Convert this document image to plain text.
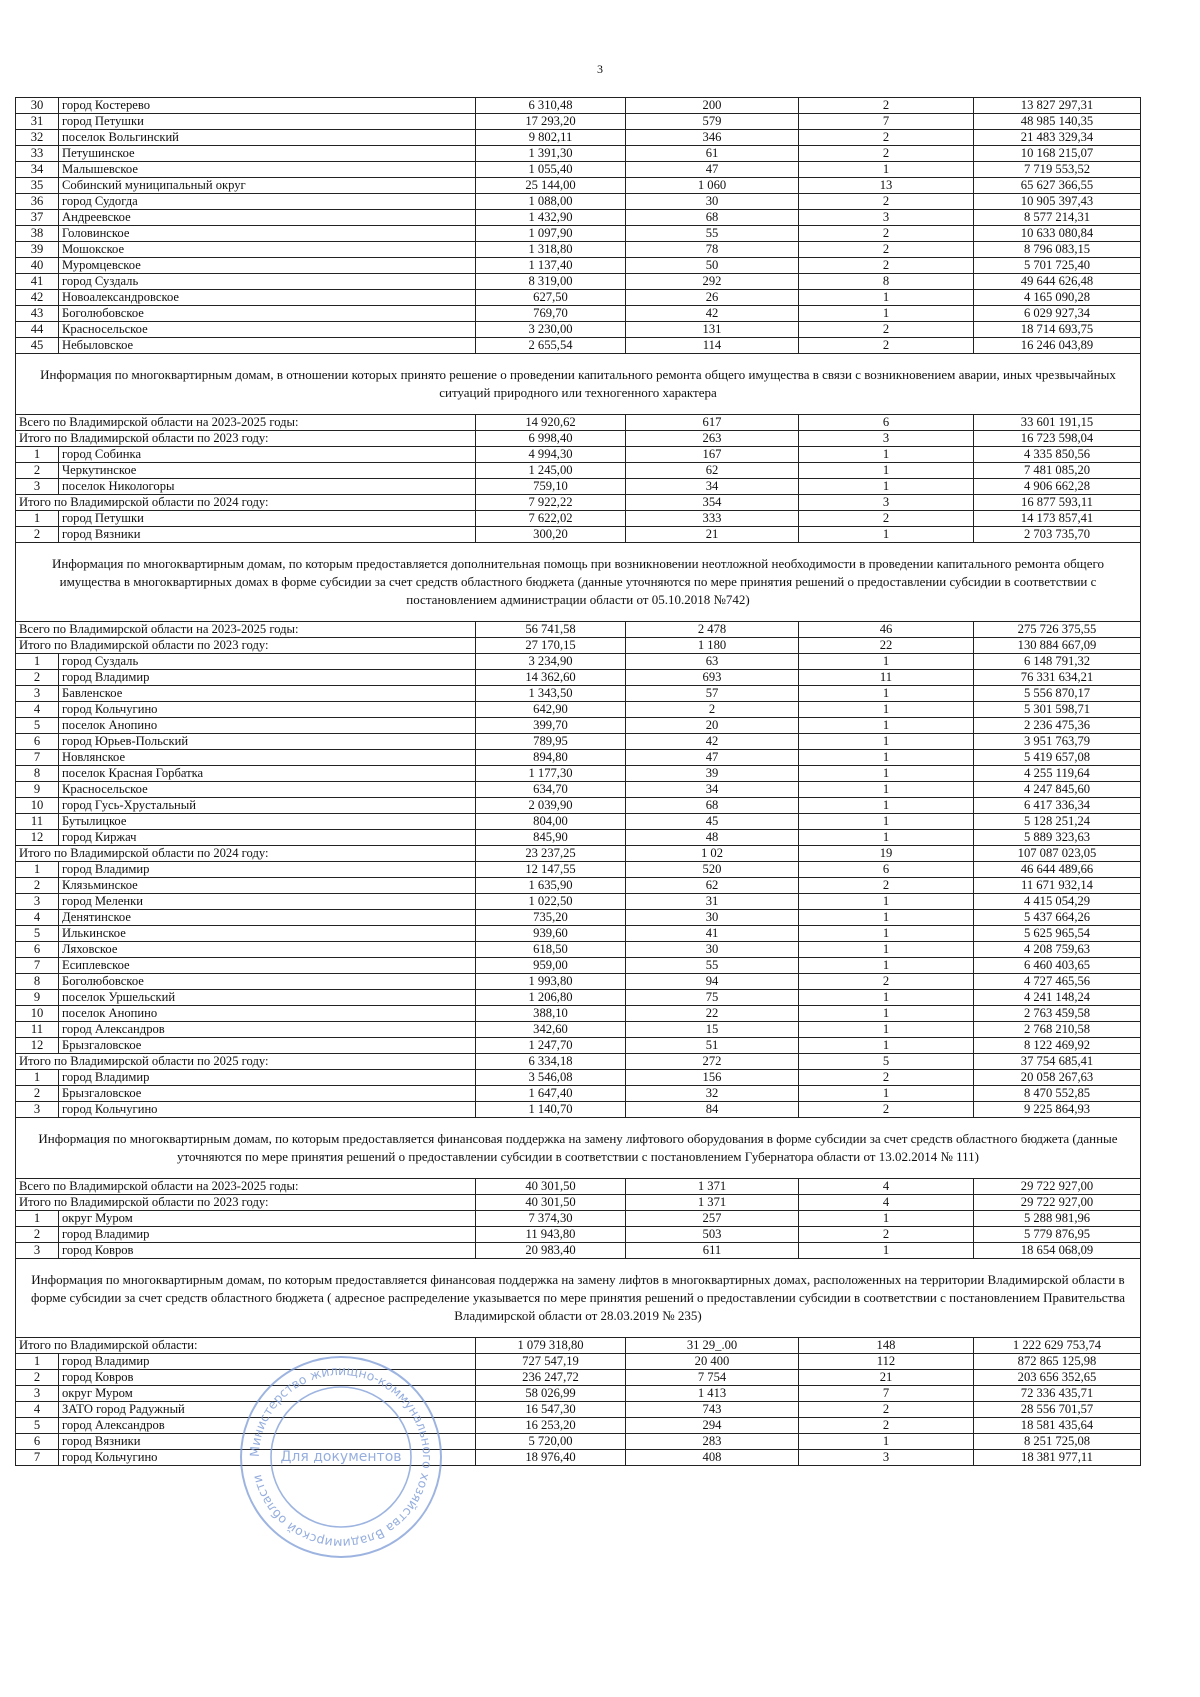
3
30	город Костерево	6 310,48	200	2	13 827 297,31
31	город Петушки	17 293,20	579	7	48 985 140,35
32	поселок Вольгинский	9 802,11	346	2	21 483 329,34
33	Петушинское	1 391,30	61	2	10 168 215,07
34	Малышевское	1 055,40	47	1	7 719 553,52
35	Собинский муниципальный округ	25 144,00	1 060	13	65 627 366,55
36	город Судогда	1 088,00	30	2	10 905 397,43
37	Андреевское	1 432,90	68	3	8 577 214,31
38	Головинское	1 097,90	55	2	10 633 080,84
39	Мошокское	1 318,80	78	2	8 796 083,15
40	Муромцевское	1 137,40	50	2	5 701 725,40
41	город Суздаль	8 319,00	292	8	49 644 626,48
42	Новоалександровское	627,50	26	1	4 165 090,28
43	Боголюбовское	769,70	42	1	6 029 927,34
44	Красносельское	3 230,00	131	2	18 714 693,75
45	Небыловское	2 655,54	114	2	16 246 043,89

Информация по многоквартирным домам, в отношении которых принято решение о проведении капитального ремонта общего имущества в связи с возникновением аварии, иных чрезвычайных ситуаций природного или техногенного характера					

Всего по Владимирской области на 2023-2025 годы:		14 920,62	617	6	33 601 191,15
Итого по Владимирской области по 2023 году:		6 998,40	263	3	16 723 598,04
1	город Собинка	4 994,30	167	1	4 335 850,56
2	Черкутинское	1 245,00	62	1	7 481 085,20
3	поселок Никологоры	759,10	34	1	4 906 662,28
Итого по Владимирской области по 2024 году:		7 922,22	354	3	16 877 593,11
1	город Петушки	7 622,02	333	2	14 173 857,41
2	город Вязники	300,20	21	1	2 703 735,70

Информация по многоквартирным домам, по которым предоставляется дополнительная помощь при возникновении неотложной необходимости в проведении капитального ремонта общего имущества в многоквартирных домах в форме субсидии за счет средств областного бюджета (данные уточняются по мере принятия решений о предоставлении субсидии в соответствии с постановлением администрации области от 05.10.2018 №742)					

Всего по Владимирской области на 2023-2025 годы:		56 741,58	2 478	46	275 726 375,55
Итого по Владимирской области по 2023 году:		27 170,15	1 180	22	130 884 667,09
1	город Суздаль	3 234,90	63	1	6 148 791,32
2	город Владимир	14 362,60	693	11	76 331 634,21
3	Бавленское	1 343,50	57	1	5 556 870,17
4	город Кольчугино	642,90	2	1	5 301 598,71
5	поселок Анопино	399,70	20	1	2 236 475,36
6	город Юрьев-Польский	789,95	42	1	3 951 763,79
7	Новлянское	894,80	47	1	5 419 657,08
8	поселок Красная Горбатка	1 177,30	39	1	4 255 119,64
9	Красносельское	634,70	34	1	4 247 845,60
10	город Гусь-Хрустальный	2 039,90	68	1	6 417 336,34
11	Бутылицкое	804,00	45	1	5 128 251,24
12	город Киржач	845,90	48	1	5 889 323,63
Итого по Владимирской области по 2024 году:		23 237,25	1 02	19	107 087 023,05
1	город Владимир	12 147,55	520	6	46 644 489,66
2	Клязьминское	1 635,90	62	2	11 671 932,14
3	город Меленки	1 022,50	31	1	4 415 054,29
4	Денятинское	735,20	30	1	5 437 664,26
5	Илькинское	939,60	41	1	5 625 965,54
6	Ляховское	618,50	30	1	4 208 759,63
7	Есиплевское	959,00	55	1	6 460 403,65
8	Боголюбовское	1 993,80	94	2	4 727 465,56
9	поселок Уршельский	1 206,80	75	1	4 241 148,24
10	поселок Анопино	388,10	22	1	2 763 459,58
11	город Александров	342,60	15	1	2 768 210,58
12	Брызгаловское	1 247,70	51	1	8 122 469,92
Итого по Владимирской области по 2025 году:		6 334,18	272	5	37 754 685,41
1	город Владимир	3 546,08	156	2	20 058 267,63
2	Брызгаловское	1 647,40	32	1	8 470 552,85
3	город Кольчугино	1 140,70	84	2	9 225 864,93

Информация по многоквартирным домам, по которым предоставляется финансовая поддержка на замену лифтового оборудования в форме субсидии за счет средств областного бюджета (данные уточняются по мере принятия решений о предоставлении субсидии в соответствии с постановлением Губернатора области от 13.02.2014 № 111)					

Всего по Владимирской области на 2023-2025 годы:		40 301,50	1 371	4	29 722 927,00
Итого по Владимирской области по 2023 году:		40 301,50	1 371	4	29 722 927,00
1	округ Муром	7 374,30	257	1	5 288 981,96
2	город Владимир	11 943,80	503	2	5 779 876,95
3	город Ковров	20 983,40	611	1	18 654 068,09

Информация по многоквартирным домам, по которым предоставляется финансовая поддержка на замену лифтов в многоквартирных домах, расположенных на территории Владимирской области в форме субсидии за счет средств областного бюджета ( адресное распределение указывается по мере принятия решений о предоставлении субсидии в соответствии с постановлением Правительства Владимирской области от 28.03.2019 № 235)					

Итого по Владимирской области:		1 079 318,80	31 29_.00	148	1 222 629 753,74
1	город Владимир	727 547,19	20 400	112	872 865 125,98
2	город Ковров	236 247,72	7 754	21	203 656 352,65
3	округ Муром	58 026,99	1 413	7	72 336 435,71
4	ЗАТО город Радужный	16 547,30	743	2	28 556 701,57
5	город Александров	16 253,20	294	2	18 581 435,64
6	город Вязники	5 720,00	283	1	8 251 725,08
7	город Кольчугино	18 976,40	408	3	18 381 977,11
Министерство жилищно-коммунального хозяйства Владимирской области
Для документов
